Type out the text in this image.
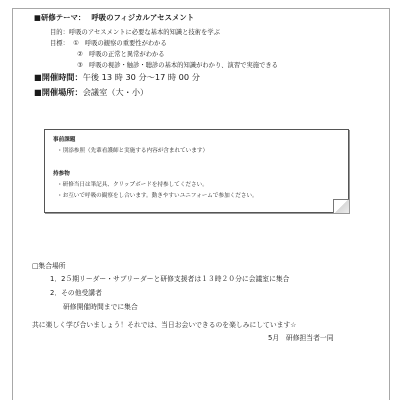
■研修テーマ： 呼吸のフィジカルアセスメント
目的：呼吸のアセスメントに必要な基本的知識と技術を学ぶ
目標： ① 呼吸の観察の重要性がわかる
② 呼吸の正常と異常がわかる
③ 呼吸の視診・触診・聴診の基本的知識がわかり、演習で実施できる
■開催時間：午後 13 時 30 分～17 時 00 分
■開催場所：会議室（大・小）
事前課題
・別添参照（先輩看護師と実施する内容が含まれています）
持参物
・研修当日は筆記具、クリップボードを持参してください。
・お互いで呼吸の観察をし合います。動きやすいユニフォームで参加ください。
□集合場所
1．2５期リーダー・サブリーダーと研修支援者は１３時２０分に会議室に集合
2．その他受講者
研修開催時間までに集合
共に楽しく学び合いましょう！それでは、当日お会いできるのを楽しみにしています☆
5月　研修担当者一同
